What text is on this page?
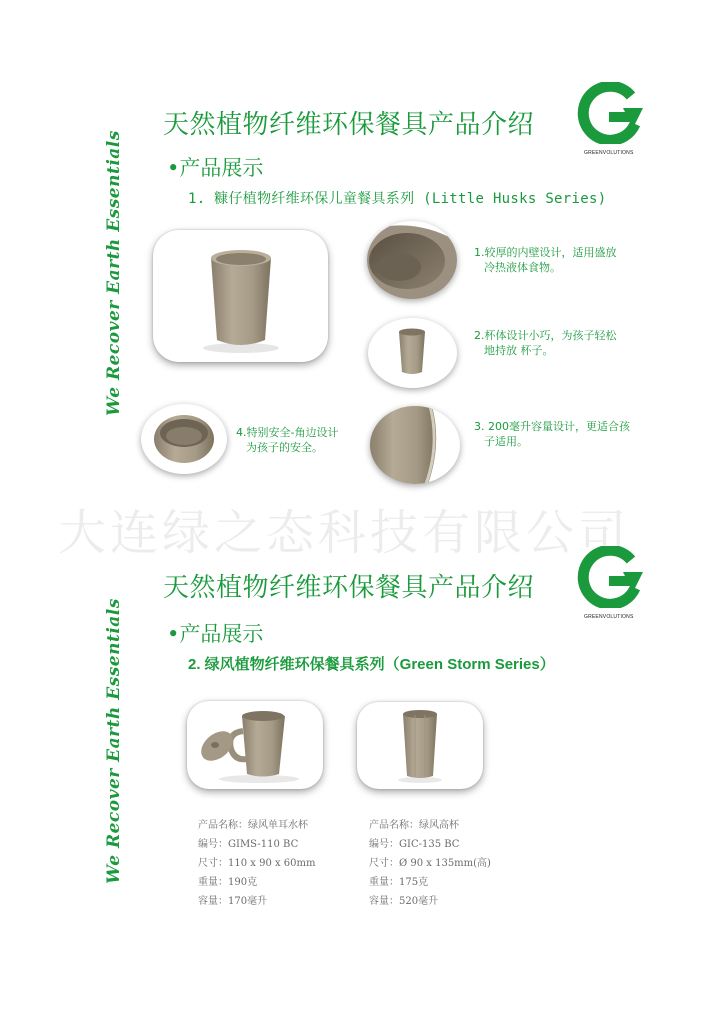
大连绿之态科技有限公司
天然植物纤维环保餐具产品介绍
GREENVOLUTIONS
We Recover Earth Essentials •产品展示
1. 糠仔植物纤维环保儿童餐具系列 (Little Husks Series)
1.较厚的内壁设计，适用盛放
冷热液体食物。
2.杯体设计小巧，为孩子轻松
地持放 杯子。
3. 200毫升容量设计，更适合孩
子适用。
4.特别安全-角边设计
为孩子的安全。
天然植物纤维环保餐具产品介绍
GREENVOLUTIONS
We Recover Earth Essentials •产品展示
2. 绿风植物纤维环保餐具系列（Green Storm Series）
产品名称：绿风单耳水杯
编号：GIMS-110 BC
尺寸：110 x 90 x 60mm
重量：190克
容量：170毫升
产品名称：绿风高杯
编号：GIC-135 BC
尺寸：Ø 90 x 135mm(高)
重量：175克
容量：520毫升
